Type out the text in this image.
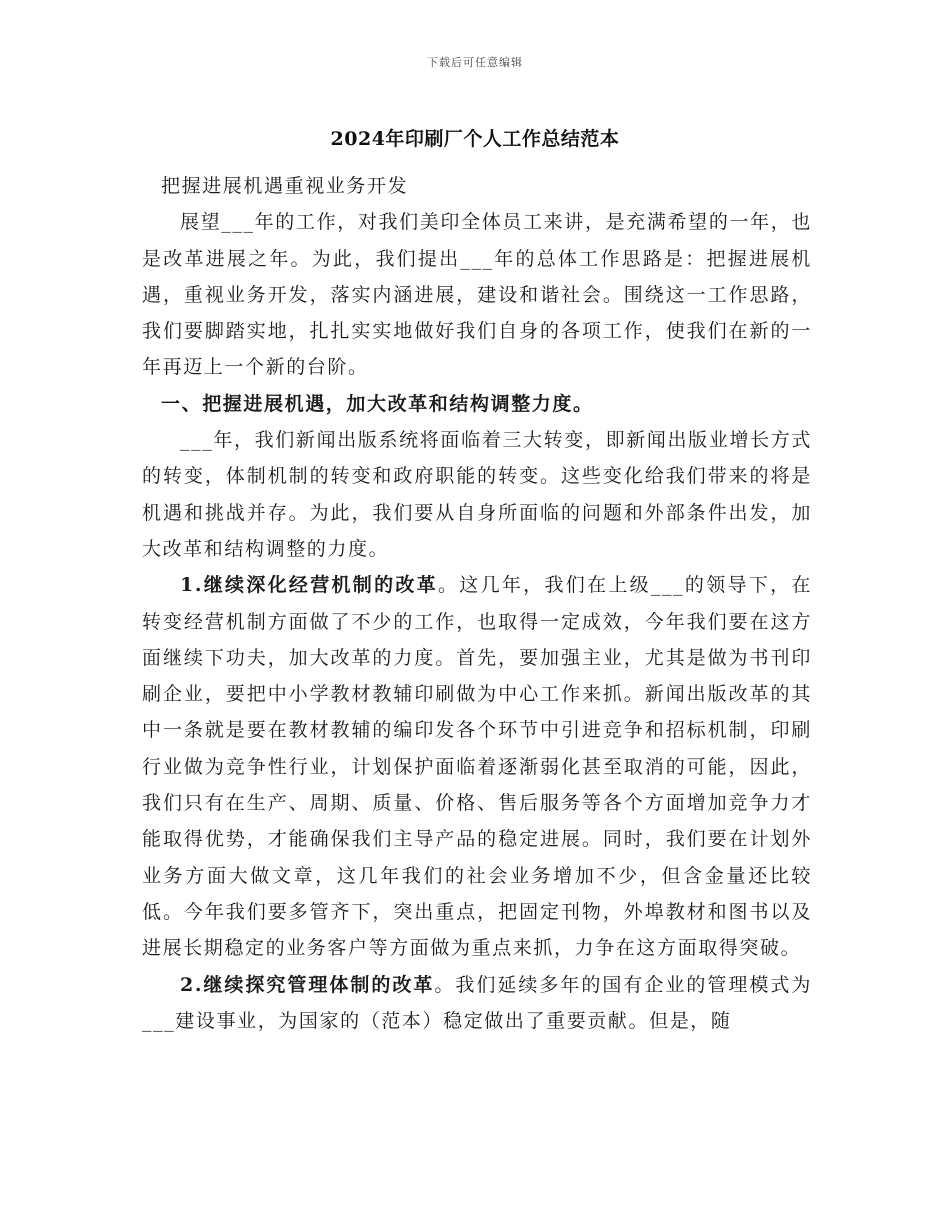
下载后可任意编辑
2024年印刷厂个人工作总结范本

把握进展机遇重视业务开发

展望___年的工作，对我们美印全体员工来讲，是充满希望的一年，也是改革进展之年。为此，我们提出___年的总体工作思路是：把握进展机遇，重视业务开发，落实内涵进展，建设和谐社会。围绕这一工作思路，我们要脚踏实地，扎扎实实地做好我们自身的各项工作，使我们在新的一年再迈上一个新的台阶。

一、把握进展机遇，加大改革和结构调整力度。

___年，我们新闻出版系统将面临着三大转变，即新闻出版业增长方式的转变，体制机制的转变和政府职能的转变。这些变化给我们带来的将是机遇和挑战并存。为此，我们要从自身所面临的问题和外部条件出发，加大改革和结构调整的力度。

1.继续深化经营机制的改革。这几年，我们在上级___的领导下，在转变经营机制方面做了不少的工作，也取得一定成效，今年我们要在这方面继续下功夫，加大改革的力度。首先，要加强主业，尤其是做为书刊印刷企业，要把中小学教材教辅印刷做为中心工作来抓。新闻出版改革的其中一条就是要在教材教辅的编印发各个环节中引进竞争和招标机制，印刷行业做为竞争性行业，计划保护面临着逐渐弱化甚至取消的可能，因此，我们只有在生产、周期、质量、价格、售后服务等各个方面增加竞争力才能取得优势，才能确保我们主导产品的稳定进展。同时，我们要在计划外业务方面大做文章，这几年我们的社会业务增加不少，但含金量还比较低。今年我们要多管齐下，突出重点，把固定刊物，外埠教材和图书以及进展长期稳定的业务客户等方面做为重点来抓，力争在这方面取得突破。

2.继续探究管理体制的改革。我们延续多年的国有企业的管理模式为___建设事业，为国家的（范本）稳定做出了重要贡献。但是，随
